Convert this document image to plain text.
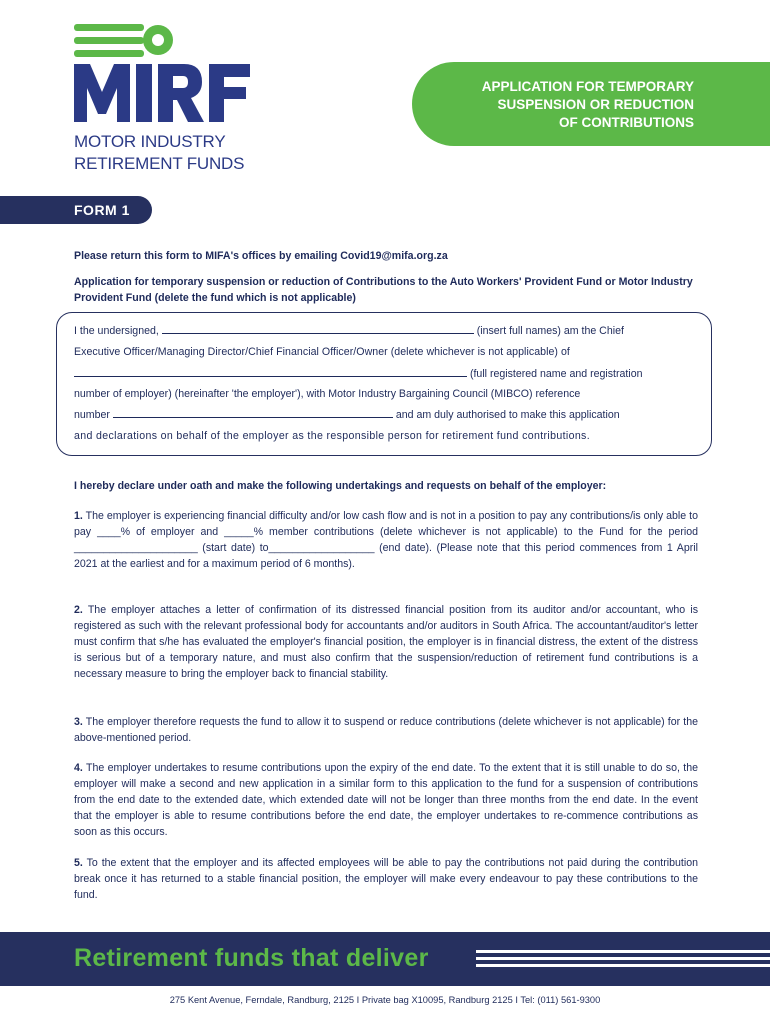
MOTOR INDUSTRY
RETIREMENT FUNDS
APPLICATION FOR TEMPORARY
SUSPENSION OR REDUCTION
OF CONTRIBUTIONS
FORM 1
Please return this form to MIFA's offices by emailing Covid19@mifa.org.za
Application for temporary suspension or reduction of Contributions to the Auto Workers' Provident Fund or Motor Industry Provident Fund (delete the fund which is not applicable)
I the undersigned,	(insert full names) am the Chief
Executive Officer/Managing Director/Chief Financial Officer/Owner (delete whichever is not applicable) of
(full registered name and registration
number of employer) (hereinafter 'the employer'), with Motor Industry Bargaining Council (MIBCO) reference
number	and am duly authorised to make this application
and declarations on behalf of the employer as the responsible person for retirement fund contributions.
I hereby declare under oath and make the following undertakings and requests on behalf of the employer:
1. The employer is experiencing financial difficulty and/or low cash flow and is not in a position to pay any contributions/is only able to pay ____% of employer and _____% member contributions (delete whichever is not applicable) to the Fund for the period _____________________ (start date) to__________________ (end date). (Please note that this period commences from 1 April 2021 at the earliest and for a maximum period of 6 months).
2. The employer attaches a letter of confirmation of its distressed financial position from its auditor and/or accountant, who is registered as such with the relevant professional body for accountants and/or auditors in South Africa. The accountant/auditor's letter must confirm that s/he has evaluated the employer's financial position, the employer is in financial distress, the extent of the distress is serious but of a temporary nature, and must also confirm that the suspension/reduction of retirement fund contributions is a necessary measure to bring the employer back to financial stability.
3. The employer therefore requests the fund to allow it to suspend or reduce contributions (delete whichever is not applicable) for the above-mentioned period.
4. The employer undertakes to resume contributions upon the expiry of the end date. To the extent that it is still unable to do so, the employer will make a second and new application in a similar form to this application to the fund for a suspension of contributions from the end date to the extended date, which extended date will not be longer than three months from the end date. In the event that the employer is able to resume contributions before the end date, the employer undertakes to re-commence contributions as soon as this occurs.
5. To the extent that the employer and its affected employees will be able to pay the contributions not paid during the contribution break once it has returned to a stable financial position, the employer will make every endeavour to pay these contributions to the fund.
Retirement funds that deliver
275 Kent Avenue, Ferndale, Randburg, 2125 I Private bag X10095, Randburg 2125 I Tel: (011) 561-9300
